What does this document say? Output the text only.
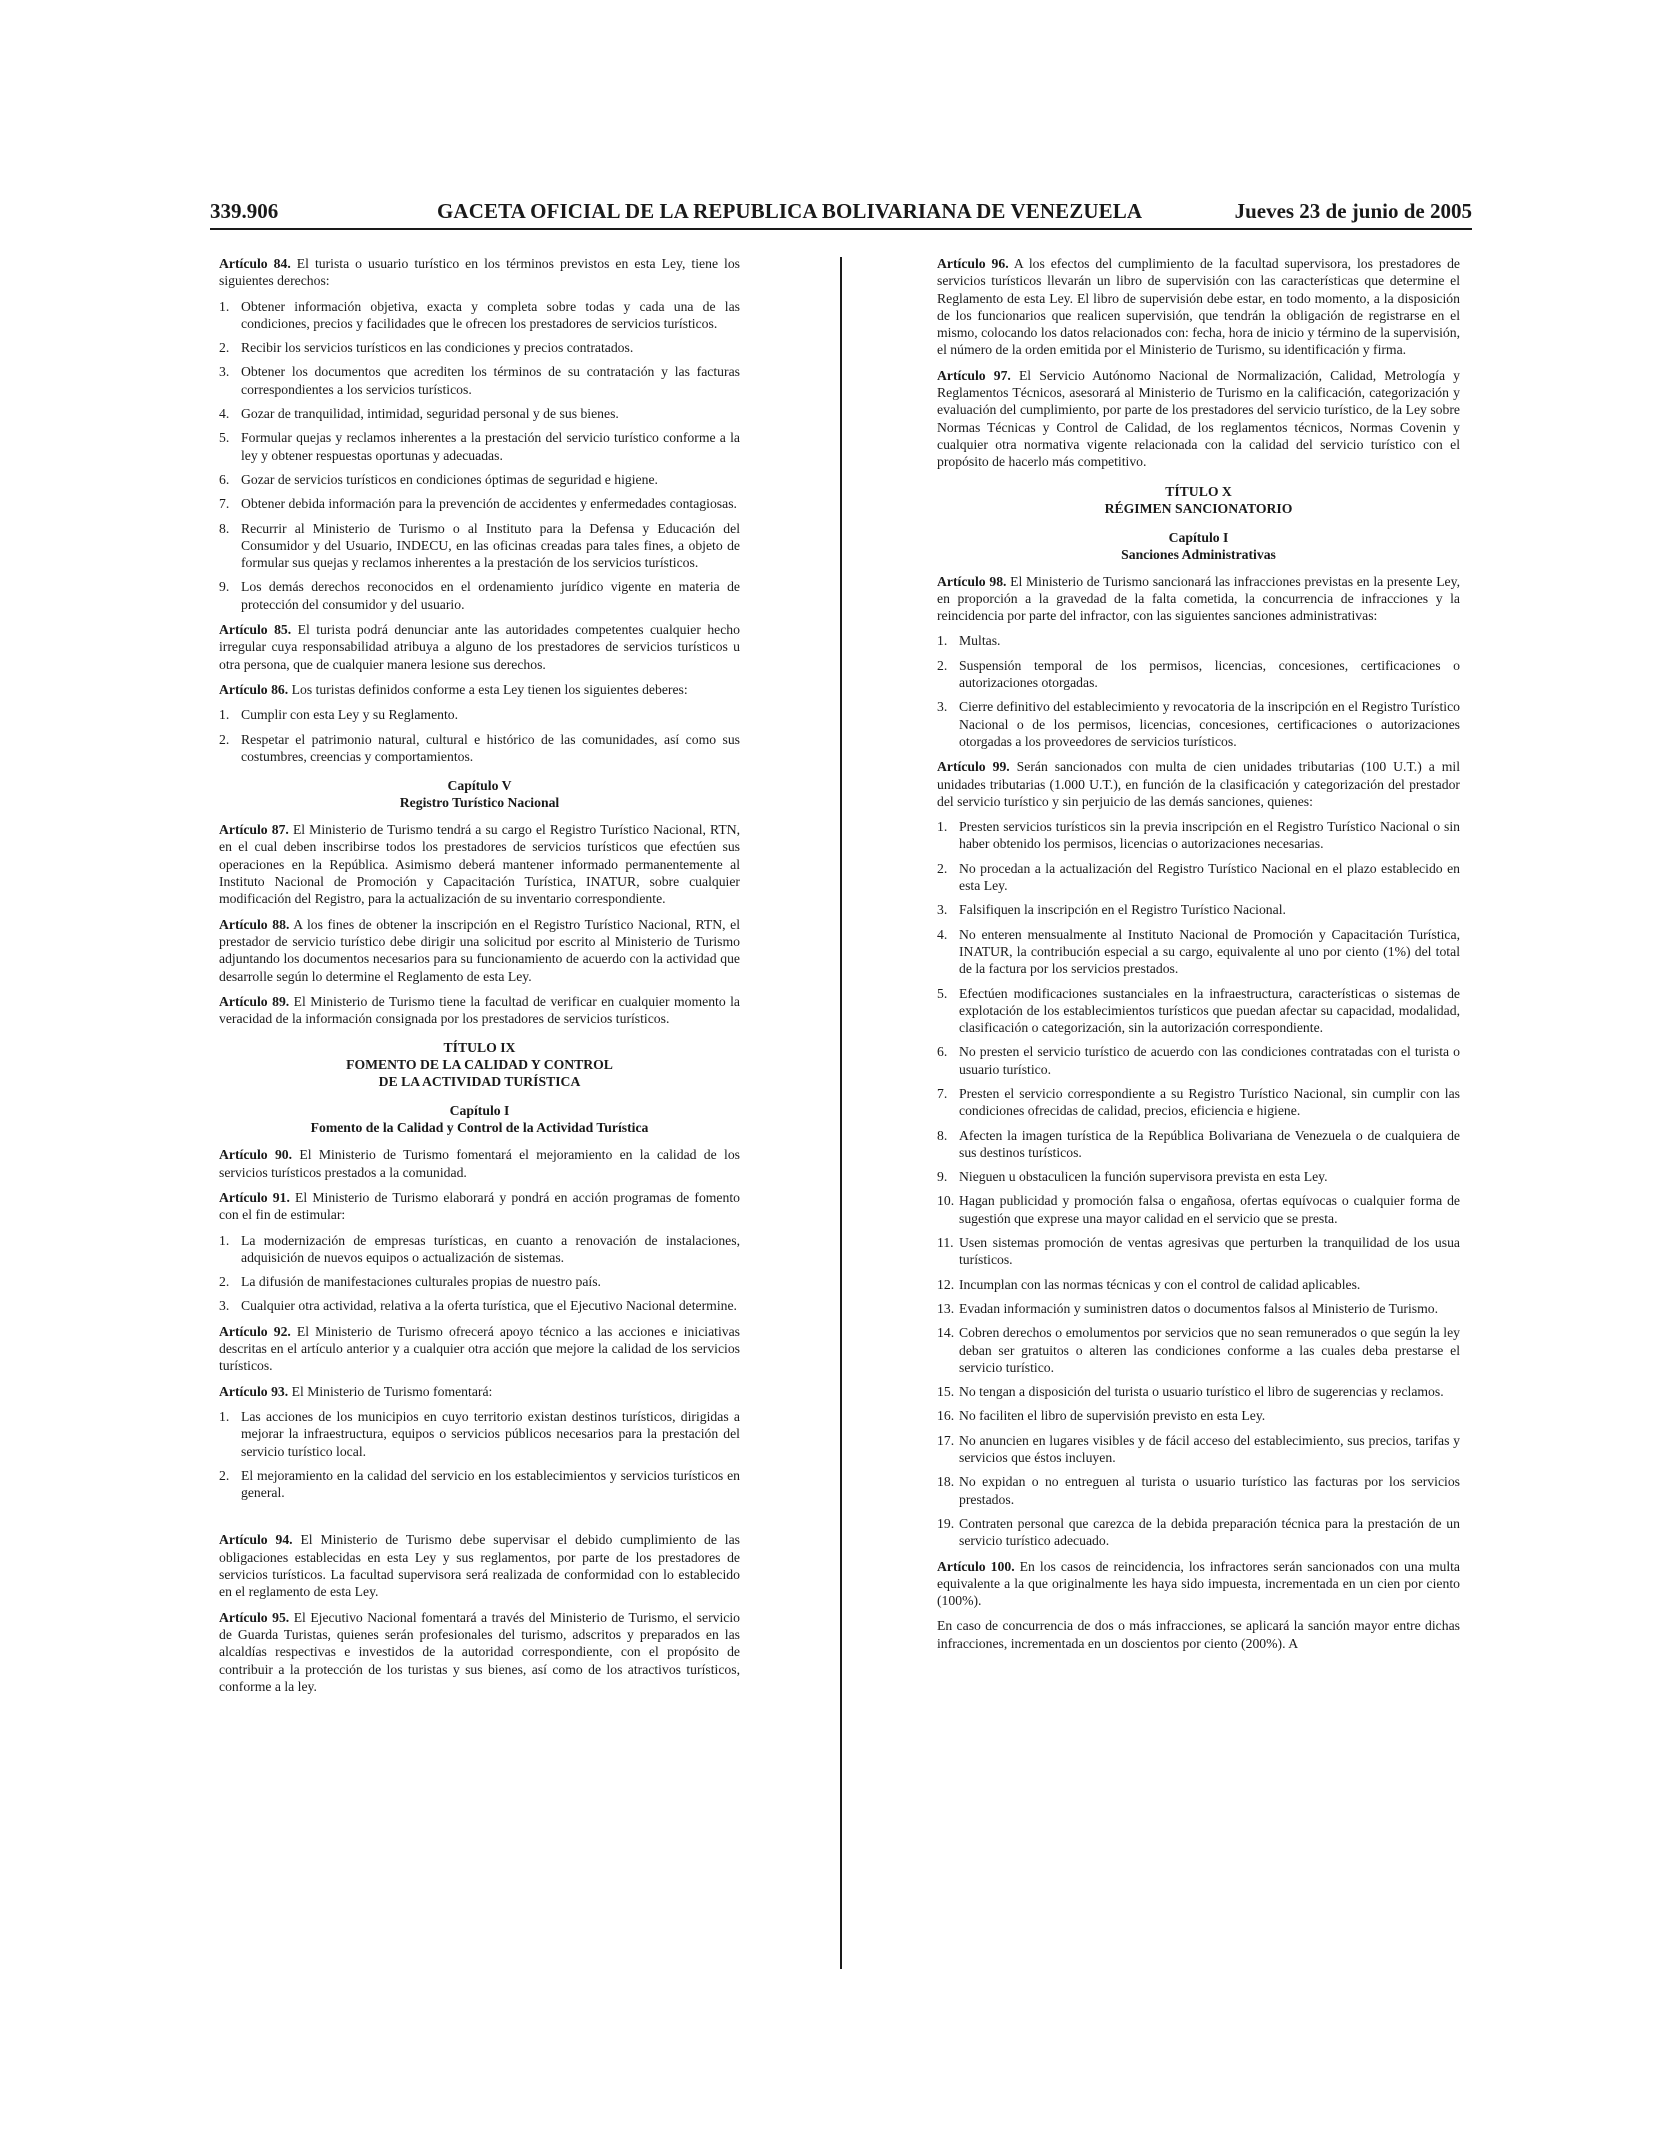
339.906	GACETA OFICIAL DE LA REPUBLICA BOLIVARIANA DE VENEZUELA	Jueves 23 de junio de 2005

Artículo 84. El turista o usuario turístico en los términos previstos en esta Ley, tiene los siguientes derechos:

1. Obtener información objetiva, exacta y completa sobre todas y cada una de las condiciones, precios y facilidades que le ofrecen los prestadores de servicios turísticos.
2. Recibir los servicios turísticos en las condiciones y precios contratados.
3. Obtener los documentos que acrediten los términos de su contratación y las facturas correspondientes a los servicios turísticos.
4. Gozar de tranquilidad, intimidad, seguridad personal y de sus bienes.
5. Formular quejas y reclamos inherentes a la prestación del servicio turístico conforme a la ley y obtener respuestas oportunas y adecuadas.
6. Gozar de servicios turísticos en condiciones óptimas de seguridad e higiene.
7. Obtener debida información para la prevención de accidentes y enfermedades contagiosas.
8. Recurrir al Ministerio de Turismo o al Instituto para la Defensa y Educación del Consumidor y del Usuario, INDECU, en las oficinas creadas para tales fines, a objeto de formular sus quejas y reclamos inherentes a la prestación de los servicios turísticos.
9. Los demás derechos reconocidos en el ordenamiento jurídico vigente en materia de protección del consumidor y del usuario.

Artículo 85. El turista podrá denunciar ante las autoridades competentes cualquier hecho irregular cuya responsabilidad atribuya a alguno de los prestadores de servicios turísticos u otra persona, que de cualquier manera lesione sus derechos.

Artículo 86. Los turistas definidos conforme a esta Ley tienen los siguientes deberes:

1. Cumplir con esta Ley y su Reglamento.
2. Respetar el patrimonio natural, cultural e histórico de las comunidades, así como sus costumbres, creencias y comportamientos.
Capítulo V
Registro Turístico Nacional

Artículo 87. El Ministerio de Turismo tendrá a su cargo el Registro Turístico Nacional, RTN, en el cual deben inscribirse todos los prestadores de servicios turísticos que efectúen sus operaciones en la República. Asimismo deberá mantener informado permanentemente al Instituto Nacional de Promoción y Capacitación Turística, INATUR, sobre cualquier modificación del Registro, para la actualización de su inventario correspondiente.

Artículo 88. A los fines de obtener la inscripción en el Registro Turístico Nacional, RTN, el prestador de servicio turístico debe dirigir una solicitud por escrito al Ministerio de Turismo adjuntando los documentos necesarios para su funcionamiento de acuerdo con la actividad que desarrolle según lo determine el Reglamento de esta Ley.

Artículo 89. El Ministerio de Turismo tiene la facultad de verificar en cualquier momento la veracidad de la información consignada por los prestadores de servicios turísticos.

TÍTULO IX
FOMENTO DE LA CALIDAD Y CONTROL
DE LA ACTIVIDAD TURÍSTICA
Capítulo I
Fomento de la Calidad y Control de la Actividad Turística

Artículo 90. El Ministerio de Turismo fomentará el mejoramiento en la calidad de los servicios turísticos prestados a la comunidad.

Artículo 91. El Ministerio de Turismo elaborará y pondrá en acción programas de fomento con el fin de estimular:

1. La modernización de empresas turísticas, en cuanto a renovación de instalaciones, adquisición de nuevos equipos o actualización de sistemas.
2. La difusión de manifestaciones culturales propias de nuestro país.
3. Cualquier otra actividad, relativa a la oferta turística, que el Ejecutivo Nacional determine.

Artículo 92. El Ministerio de Turismo ofrecerá apoyo técnico a las acciones e iniciativas descritas en el artículo anterior y a cualquier otra acción que mejore la calidad de los servicios turísticos.

Artículo 93. El Ministerio de Turismo fomentará:

1. Las acciones de los municipios en cuyo territorio existan destinos turísticos, dirigidas a mejorar la infraestructura, equipos o servicios públicos necesarios para la prestación del servicio turístico local.
2. El mejoramiento en la calidad del servicio en los establecimientos y servicios turísticos en general.

Artículo 94. El Ministerio de Turismo debe supervisar el debido cumplimiento de las obligaciones establecidas en esta Ley y sus reglamentos, por parte de los prestadores de servicios turísticos. La facultad supervisora será realizada de conformidad con lo establecido en el reglamento de esta Ley.

Artículo 95. El Ejecutivo Nacional fomentará a través del Ministerio de Turismo, el servicio de Guarda Turistas, quienes serán profesionales del turismo, adscritos y preparados en las alcaldías respectivas e investidos de la autoridad correspondiente, con el propósito de contribuir a la protección de los turistas y sus bienes, así como de los atractivos turísticos, conforme a la ley.

Artículo 96. A los efectos del cumplimiento de la facultad supervisora, los prestadores de servicios turísticos llevarán un libro de supervisión con las características que determine el Reglamento de esta Ley. El libro de supervisión debe estar, en todo momento, a la disposición de los funcionarios que realicen supervisión, que tendrán la obligación de registrarse en el mismo, colocando los datos relacionados con: fecha, hora de inicio y término de la supervisión, el número de la orden emitida por el Ministerio de Turismo, su identificación y firma.

Artículo 97. El Servicio Autónomo Nacional de Normalización, Calidad, Metrología y Reglamentos Técnicos, asesorará al Ministerio de Turismo en la calificación, categorización y evaluación del cumplimiento, por parte de los prestadores del servicio turístico, de la Ley sobre Normas Técnicas y Control de Calidad, de los reglamentos técnicos, Normas Covenin y cualquier otra normativa vigente relacionada con la calidad del servicio turístico con el propósito de hacerlo más competitivo.

TÍTULO X
RÉGIMEN SANCIONATORIO
Capítulo I
Sanciones Administrativas

Artículo 98. El Ministerio de Turismo sancionará las infracciones previstas en la presente Ley, en proporción a la gravedad de la falta cometida, la concurrencia de infracciones y la reincidencia por parte del infractor, con las siguientes sanciones administrativas:

1. Multas.
2. Suspensión temporal de los permisos, licencias, concesiones, certificaciones o autorizaciones otorgadas.
3. Cierre definitivo del establecimiento y revocatoria de la inscripción en el Registro Turístico Nacional o de los permisos, licencias, concesiones, certificaciones o autorizaciones otorgadas a los proveedores de servicios turísticos.

Artículo 99. Serán sancionados con multa de cien unidades tributarias (100 U.T.) a mil unidades tributarias (1.000 U.T.), en función de la clasificación y categorización del prestador del servicio turístico y sin perjuicio de las demás sanciones, quienes:

1. Presten servicios turísticos sin la previa inscripción en el Registro Turístico Nacional o sin haber obtenido los permisos, licencias o autorizaciones necesarias.
2. No procedan a la actualización del Registro Turístico Nacional en el plazo establecido en esta Ley.
3. Falsifiquen la inscripción en el Registro Turístico Nacional.
4. No enteren mensualmente al Instituto Nacional de Promoción y Capacitación Turística, INATUR, la contribución especial a su cargo, equivalente al uno por ciento (1%) del total de la factura por los servicios prestados.
5. Efectúen modificaciones sustanciales en la infraestructura, características o sistemas de explotación de los establecimientos turísticos que puedan afectar su capacidad, modalidad, clasificación o categorización, sin la autorización correspondiente.
6. No presten el servicio turístico de acuerdo con las condiciones contratadas con el turista o usuario turístico.
7. Presten el servicio correspondiente a su Registro Turístico Nacional, sin cumplir con las condiciones ofrecidas de calidad, precios, eficiencia e higiene.
8. Afecten la imagen turística de la República Bolivariana de Venezuela o de cualquiera de sus destinos turísticos.
9. Nieguen u obstaculicen la función supervisora prevista en esta Ley.
10. Hagan publicidad y promoción falsa o engañosa, ofertas equívocas o cualquier forma de sugestión que exprese una mayor calidad en el servicio que se presta.
11. Usen sistemas promoción de ventas agresivas que perturben la tranquilidad de los usua turísticos.
12. Incumplan con las normas técnicas y con el control de calidad aplicables.
13. Evadan información y suministren datos o documentos falsos al Ministerio de Turismo.
14. Cobren derechos o emolumentos por servicios que no sean remunerados o que según la ley deban ser gratuitos o alteren las condiciones conforme a las cuales deba prestarse el servicio turístico.
15. No tengan a disposición del turista o usuario turístico el libro de sugerencias y reclamos.
16. No faciliten el libro de supervisión previsto en esta Ley.
17. No anuncien en lugares visibles y de fácil acceso del establecimiento, sus precios, tarifas y servicios que éstos incluyen.
18. No expidan o no entreguen al turista o usuario turístico las facturas por los servicios prestados.
19. Contraten personal que carezca de la debida preparación técnica para la prestación de un servicio turístico adecuado.

Artículo 100. En los casos de reincidencia, los infractores serán sancionados con una multa equivalente a la que originalmente les haya sido impuesta, incrementada en un cien por ciento (100%).

En caso de concurrencia de dos o más infracciones, se aplicará la sanción mayor entre dichas infracciones, incrementada en un doscientos por ciento (200%). A
